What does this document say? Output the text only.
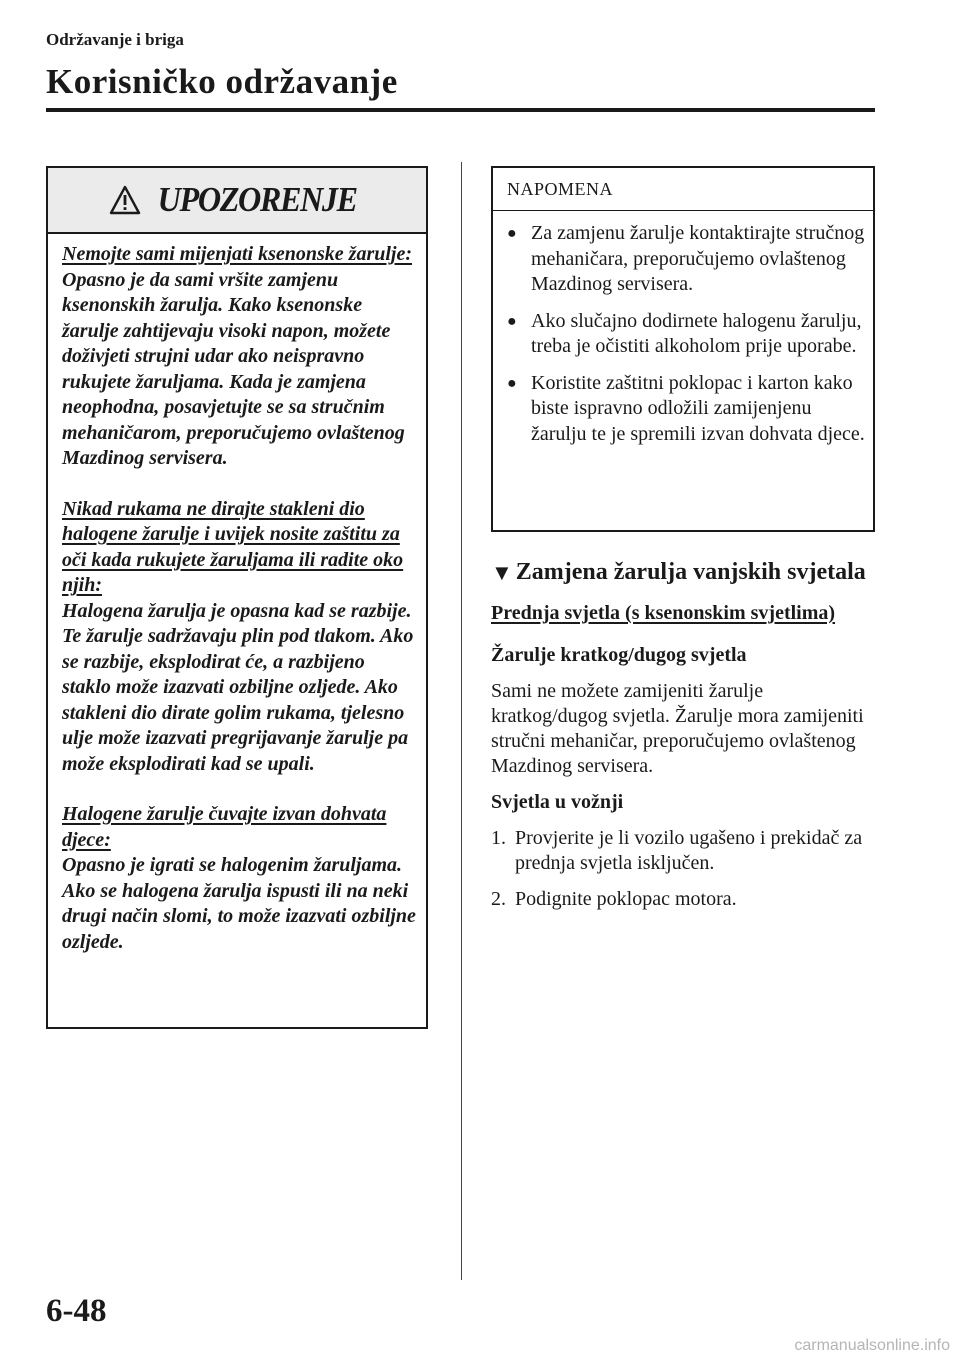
Održavanje i briga
Korisničko održavanje
UPOZORENJE
Nemojte sami mijenjati ksenonske žarulje:

Opasno je da sami vršite zamjenu ksenonskih žarulja. Kako ksenonske žarulje zahtijevaju visoki napon, možete doživjeti strujni udar ako neispravno rukujete žaruljama. Kada je zamjena neophodna, posavjetujte se sa stručnim mehaničarom, preporučujemo ovlaštenog Mazdinog servisera.

Nikad rukama ne dirajte stakleni dio halogene žarulje i uvijek nosite zaštitu za oči kada rukujete žaruljama ili radite oko njih:

Halogena žarulja je opasna kad se razbije. Te žarulje sadržavaju plin pod tlakom. Ako se razbije, eksplodirat će, a razbijeno staklo može izazvati ozbiljne ozljede. Ako stakleni dio dirate golim rukama, tjelesno ulje može izazvati pregrijavanje žarulje pa može eksplodirati kad se upali.

Halogene žarulje čuvajte izvan dohvata djece:

Opasno je igrati se halogenim žaruljama. Ako se halogena žarulja ispusti ili na neki drugi način slomi, to može izazvati ozbiljne ozljede.

NAPOMENA
● Za zamjenu žarulje kontaktirajte stručnog mehaničara, preporučujemo ovlaštenog Mazdinog servisera.
● Ako slučajno dodirnete halogenu žarulju, treba je očistiti alkoholom prije uporabe.
● Koristite zaštitni poklopac i karton kako biste ispravno odložili zamijenjenu žarulju te je spremili izvan dohvata djece.
▼ Zamjena žarulja vanjskih svjetala
Prednja svjetla (s ksenonskim svjetlima)
Žarulje kratkog/dugog svjetla
Sami ne možete zamijeniti žarulje kratkog/dugog svjetla. Žarulje mora zamijeniti stručni mehaničar, preporučujemo ovlaštenog Mazdinog servisera.
Svjetla u vožnji
1. Provjerite je li vozilo ugašeno i prekidač za prednja svjetla isključen.
2. Podignite poklopac motora.
6-48
carmanualsonline.info
